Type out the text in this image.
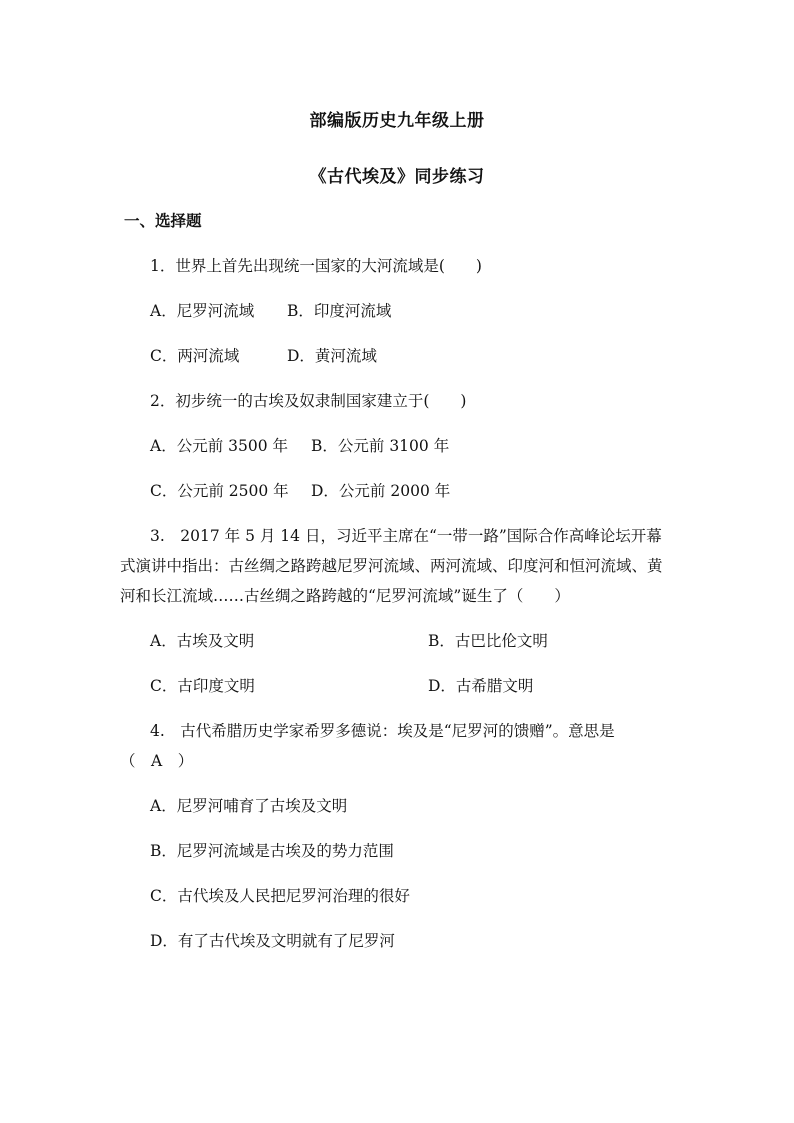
部编版历史九年级上册
《古代埃及》同步练习
一、选择题
1．世界上首先出现统一国家的大河流域是(　　)
A．尼罗河流域 B．印度河流域
C．两河流域	D．黄河流域
2．初步统一的古埃及奴隶制国家建立于(　　)
A．公元前 3500 年 B．公元前 3100 年
C．公元前 2500 年 D．公元前 2000 年
3.　2017 年 5 月 14 日，习近平主席在“一带一路”国际合作高峰论坛开幕
式演讲中指出：古丝绸之路跨越尼罗河流域、两河流域、印度河和恒河流域、黄
河和长江流域……古丝绸之路跨越的“尼罗河流域”诞生了（　　）
A．古埃及文明	B．古巴比伦文明
C．古印度文明	D．古希腊文明
4.　古代希腊历史学家希罗多德说：埃及是“尼罗河的馈赠”。意思是
（　A　）
A．尼罗河哺育了古埃及文明
B．尼罗河流域是古埃及的势力范围
C．古代埃及人民把尼罗河治理的很好
D．有了古代埃及文明就有了尼罗河
